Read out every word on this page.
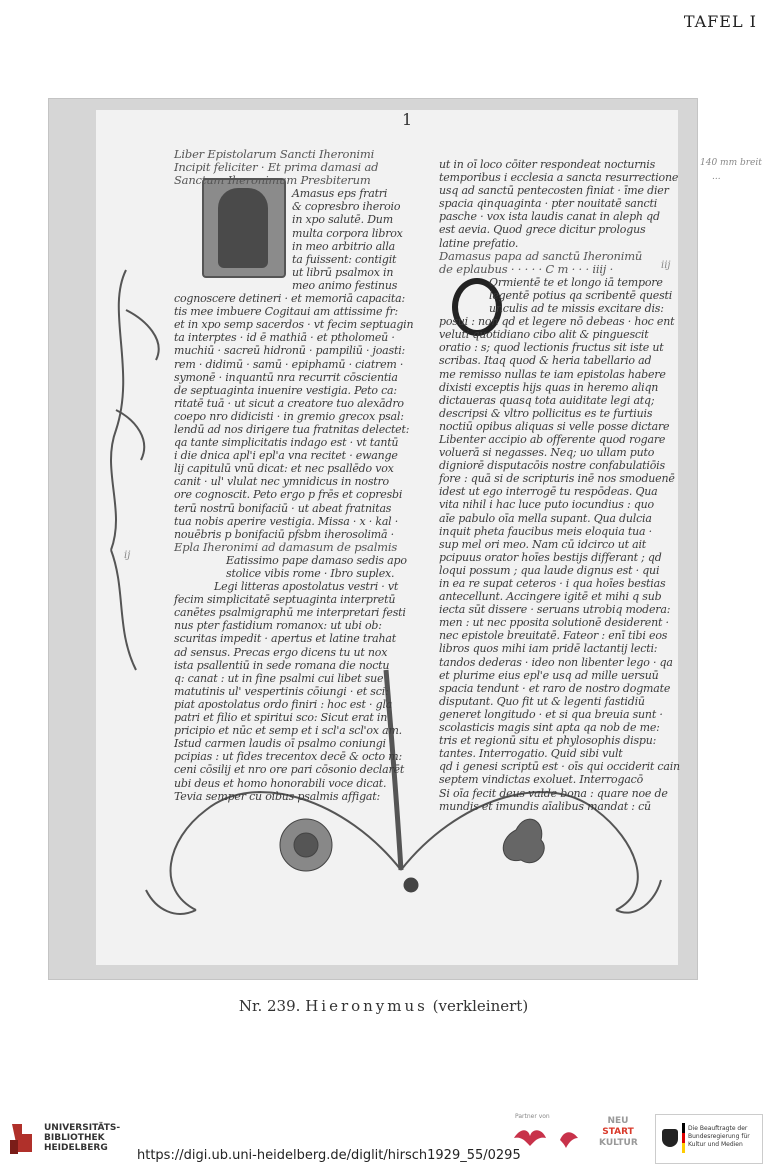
TAFEL I
1

Liber Epistolarum Sancti Iheronimi

Incipit feliciter · Et prima damasi ad

Sanctum Iheronimum Presbiterum

Amasus eps fratri

& copresbro iheroio

in xpo salutē. Dum

multa corpora librox

in meo arbitrio alla

ta fuissent: contigit

ut librū psalmox in

meo animo festinus

cognoscere detineri · et memoriā capacita:

tis mee imbuere Cogitaui am attissime fr:

et in xpo semp sacerdos · vt fecim septuagin

ta interptes · id ē mathiā · et ptholomeū ·

muchiū · sacreū hidronū · pampiliū · joasti:

rem · didimū · samū · epiphamū · ciatrem ·

symonē · inquantū nra recurrit cōscientia

de septuaginta inuenire vestigia. Peto ca:

ritatē tuā · ut sicut a creatore tuo alexādro

coepo nro didicisti · in gremio grecox psal:

lendū ad nos dirigere tua fratnitas delectet:

qa tante simplicitatis indago est · vt tantū

i die dnica apl'i epl'a vna recitet · ewange

lij capitulū vnū dicat: et nec psallēdo vox

canit · ul' vlulat nec ymnidicus in nostro

ore cognoscit. Peto ergo p frēs et copresbi

terū nostrū bonifaciū · ut abeat fratnitas

tua nobis aperire vestigia. Missa · x · kal ·

nouēbris p bonifaciū pfsbm iherosolimā ·

Epla Iheronimi ad damasum de psalmis

Eatissimo pape damaso sedis apo

stolice vibis rome · Ibro suplex.

Legi litteras apostolatus vestri · vt

fecim simplicitatē septuaginta interpretū

canētes psalmigraphū me interpretari festi

nus pter fastidium romanox: ut ubi ob:

scuritas impedit · apertus et latine trahat

ad sensus. Precas ergo dicens tu ut nox

ista psallentiū in sede romana die noctu

q: canat : ut in fine psalmi cui libet sue

matutinis ul' vespertinis cōiungi · et sci:

piat apostolatus ordo finiri : hoc est · gla

patri et filio et spiritui sco: Sicut erat in

pricipio et nūc et semp et i scl'a scl'ox am.

Istud carmen laudis oī psalmo coniungi

pcipias : ut fides trecentox decē & octo m:

ceni cōsilij et nro ore pari cōsonio declarēt

ubi deus et homo honorabili voce dicat.

Tevia semper cū oibus psalmis affigat:

ut in oī loco cōiter respondeat nocturnis

temporibus i ecclesia a sancta resurrectione

usq ad sanctū pentecosten finiat · īme dier

spacia qinquaginta · pter nouitatē sancti

pasche · vox ista laudis canat in aleph qd

est aevia. Quod grece dicitur prologus

latine prefatio.

Damasus papa ad sanctū Iheronimū

de eplaubus · · · · · C m · · · iiij ·

Ormientē te et longo iā tempore

legentē potius qa scribentē questi

unculis ad te missis excitare dis:

posui : non qd et legere nō debeas · hoc ent

veluti quotidiano cibo alit & pinguescit

oratio : s; quod lectionis fructus sit iste ut

scribas. Itaq quod & heria tabellario ad

me remisso nullas te iam epistolas habere

dixisti exceptis hijs quas in heremo aliqn

dictaueras quasq tota auiditate legi atq;

descripsi & vltro pollicitus es te furtiuis

noctiū opibus aliquas si velle posse dictare

Libenter accipio ab offerente quod rogare

voluerā si negasses. Neq; uo ullam puto

digniorē disputacōis nostre confabulatiōis

fore : quā si de scripturis inē nos smoduenē

idest ut ego interrogē tu respōdeas. Qua

vita nihil i hac luce puto iocundius : quo

aīe pabulo oīa mella supant. Qua dulcia

inquit pheta faucibus meis eloquia tua ·

sup mel ori meo. Nam cū idcirco ut ait

pcipuus orator hoīes bestijs differant ; qd

loqui possum ; qua laude dignus est · qui

in ea re supat ceteros · i qua hoīes bestias

antecellunt. Accingere igitē et mihi q sub

iecta sūt dissere · seruans utrobiq modera:

men : ut nec pposita solutionē desiderent ·

nec epistole breuitatē. Fateor : enī tibi eos

libros quos mihi iam pridē lactantij lecti:

tandos dederas · ideo non libenter lego · qa

et plurime eius epl'e usq ad mille uersuū

spacia tendunt · et raro de nostro dogmate

disputant. Quo fit ut & legenti fastidiū

generet longitudo · et si qua breuia sunt ·

scolasticis magis sint apta qa nob de me:

tris et regionū situ et phylosophis dispu:

tantes. Interrogatio. Quid sibi vult

qd i genesi scriptū est · oīs qui occiderit cain

septem vindictas exoluet. Interrogacō

Si oīa fecit deus valde bona : quare noe de

mundis et imundis aīalibus mandat : cū

iij
ij
140 mm breit
...
Nr. 239. Hieronymus (verkleinert)
UNIVERSITÄTS-
BIBLIOTHEK
HEIDELBERG	https://digi.ub.uni-heidelberg.de/diglit/hirsch1929_55/0295
Partner von	NEU
START
KULTUR
Die Beauftragte der Bundesregierung für Kultur und Medien
